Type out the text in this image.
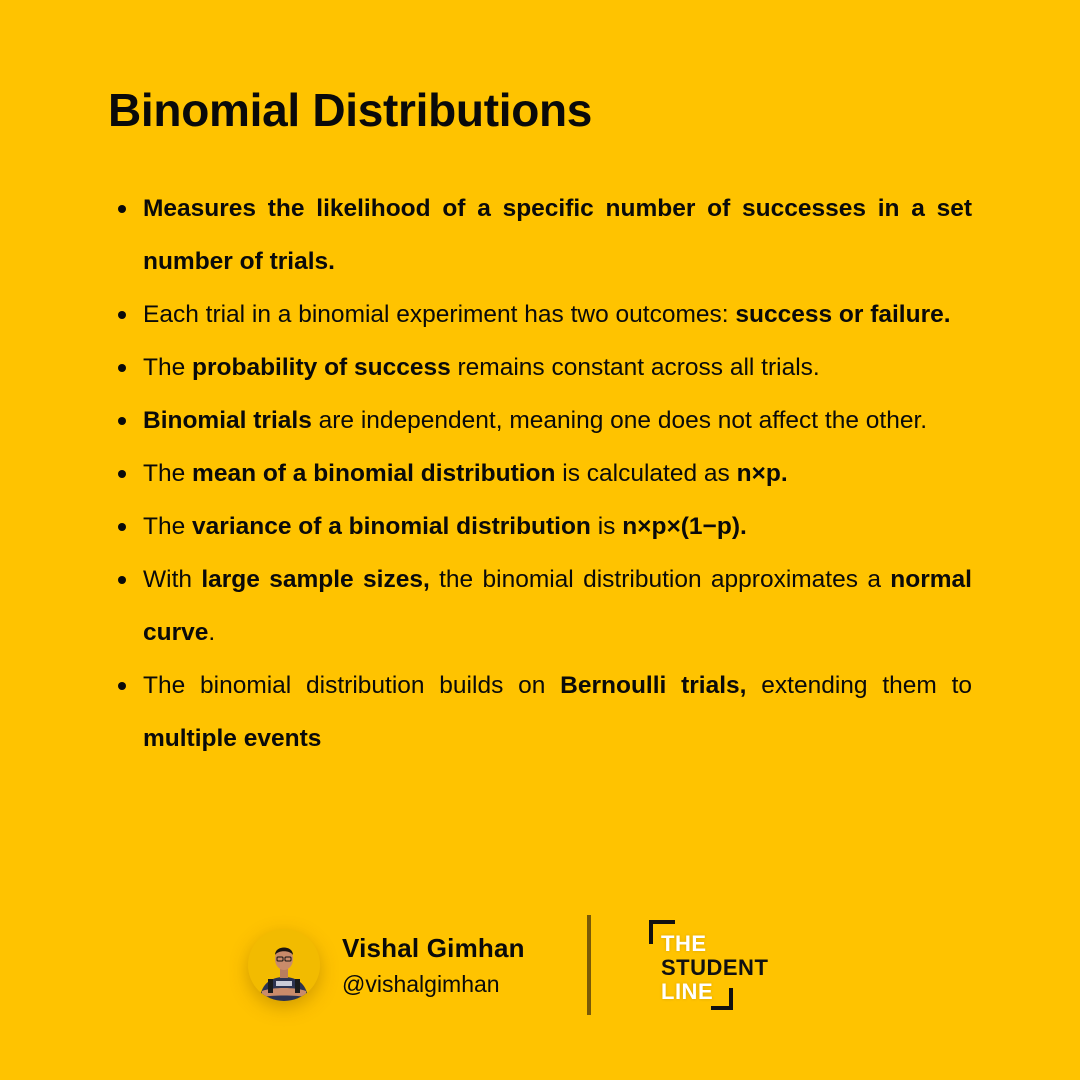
Binomial Distributions
Measures the likelihood of a specific number of successes in a set number of trials.
Each trial in a binomial experiment has two outcomes: success or failure.
The probability of success remains constant across all trials.
Binomial trials are independent, meaning one does not affect the other.
The mean of a binomial distribution is calculated as n×p.
The variance of a binomial distribution is n×p×(1−p).
With large sample sizes, the binomial distribution approximates a normal curve.
The binomial distribution builds on Bernoulli trials, extending them to multiple events
Vishal Gimhan
@vishalgimhan
THE
STUDENT
LINE
